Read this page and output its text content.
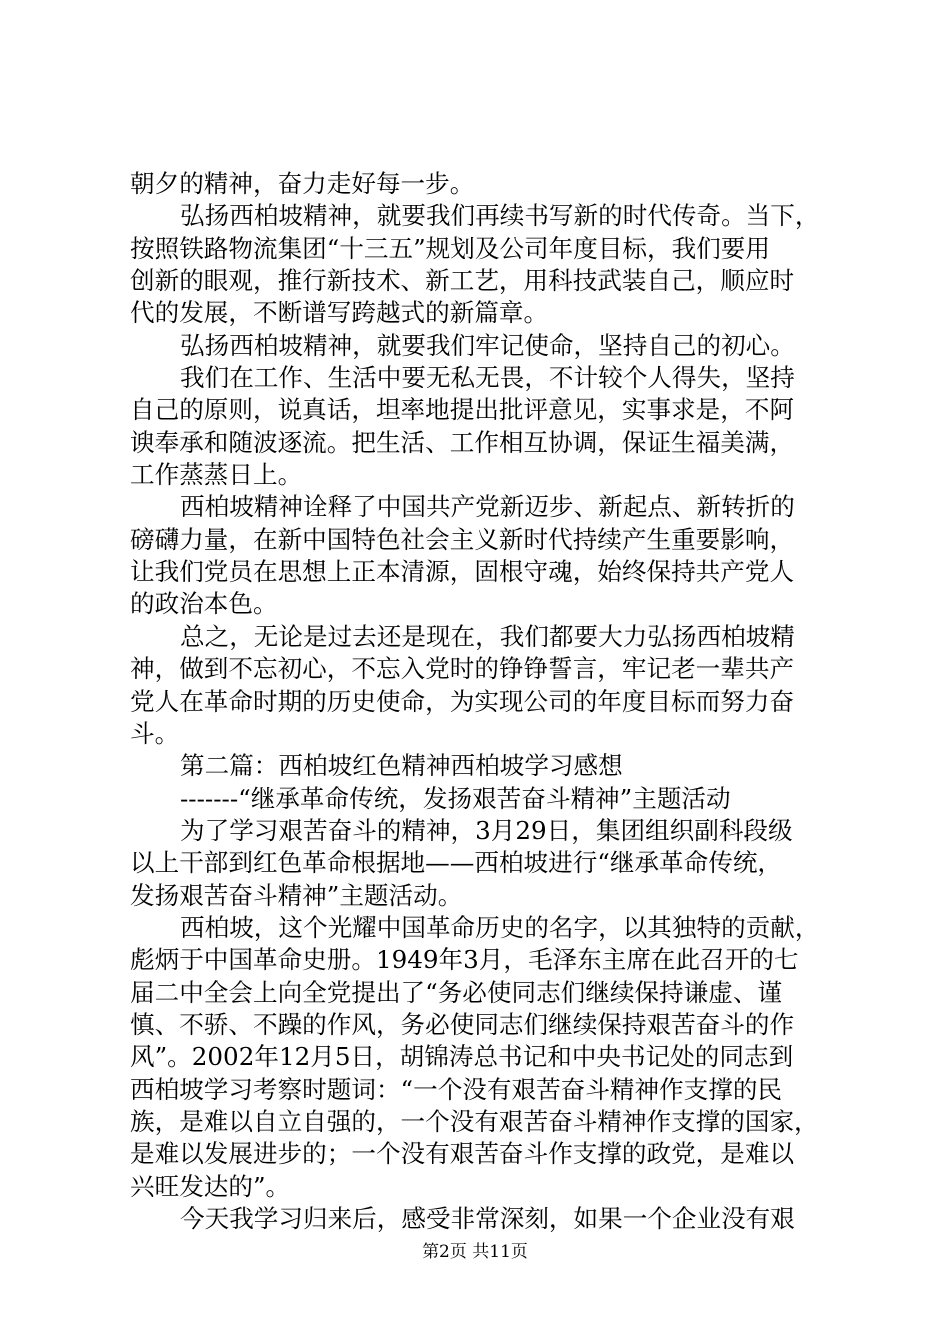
朝夕的精神，奋力走好每一步。
弘扬西柏坡精神，就要我们再续书写新的时代传奇。当下，
按照铁路物流集团“十三五”规划及公司年度目标，我们要用
创新的眼观，推行新技术、新工艺，用科技武装自己，顺应时
代的发展，不断谱写跨越式的新篇章。
弘扬西柏坡精神，就要我们牢记使命，坚持自己的初心。
我们在工作、生活中要无私无畏，不计较个人得失，坚持
自己的原则，说真话，坦率地提出批评意见，实事求是，不阿
谀奉承和随波逐流。把生活、工作相互协调，保证生福美满，
工作蒸蒸日上。
西柏坡精神诠释了中国共产党新迈步、新起点、新转折的
磅礴力量，在新中国特色社会主义新时代持续产生重要影响，
让我们党员在思想上正本清源，固根守魂，始终保持共产党人
的政治本色。
总之，无论是过去还是现在，我们都要大力弘扬西柏坡精
神，做到不忘初心，不忘入党时的铮铮誓言，牢记老一辈共产
党人在革命时期的历史使命，为实现公司的年度目标而努力奋
斗。
第二篇：西柏坡红色精神西柏坡学习感想
-------“继承革命传统，发扬艰苦奋斗精神”主题活动
为了学习艰苦奋斗的精神，3月29日，集团组织副科段级
以上干部到红色革命根据地——西柏坡进行“继承革命传统，
发扬艰苦奋斗精神”主题活动。
西柏坡，这个光耀中国革命历史的名字，以其独特的贡献，
彪炳于中国革命史册。1949年3月，毛泽东主席在此召开的七
届二中全会上向全党提出了“务必使同志们继续保持谦虚、谨
慎、不骄、不躁的作风，务必使同志们继续保持艰苦奋斗的作
风”。2002年12月5日，胡锦涛总书记和中央书记处的同志到
西柏坡学习考察时题词：“一个没有艰苦奋斗精神作支撑的民
族，是难以自立自强的，一个没有艰苦奋斗精神作支撑的国家，
是难以发展进步的；一个没有艰苦奋斗作支撑的政党，是难以
兴旺发达的”。
今天我学习归来后，感受非常深刻，如果一个企业没有艰
第2页 共11页
